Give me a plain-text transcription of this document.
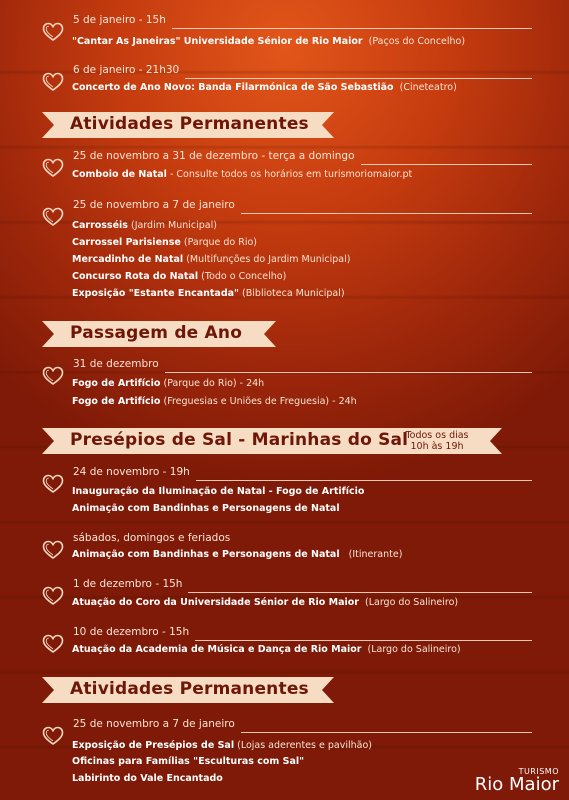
5 de janeiro - 15h
"Cantar As Janeiras" Universidade Sénior de Rio Maior (Paços do Concelho)
6 de janeiro - 21h30
Concerto de Ano Novo: Banda Filarmónica de São Sebastião (Cineteatro)
Atividades Permanentes
25 de novembro a 31 de dezembro - terça a domingo
Comboio de Natal - Consulte todos os horários em turismoriomaior.pt
25 de novembro a 7 de janeiro
Carrosséis (Jardim Municipal)
Carrossel Parisiense (Parque do Rio)
Mercadinho de Natal (Multifunções do Jardim Municipal)
Concurso Rota do Natal (Todo o Concelho)
Exposição "Estante Encantada" (Biblioteca Municipal)
Passagem de Ano
31 de dezembro
Fogo de Artifício (Parque do Rio) - 24h
Fogo de Artifício (Freguesias e Uniões de Freguesia) - 24h
Presépios de Sal - Marinhas do Sal
Todos os dias
10h às 19h
24 de novembro - 19h
Inauguração da Iluminação de Natal - Fogo de Artifício
Animação com Bandinhas e Personagens de Natal
sábados, domingos e feriados
Animação com Bandinhas e Personagens de Natal (Itinerante)
1 de dezembro - 15h
Atuação do Coro da Universidade Sénior de Rio Maior (Largo do Salineiro)
10 de dezembro - 15h
Atuação da Academia de Música e Dança de Rio Maior (Largo do Salineiro)
Atividades Permanentes
25 de novembro a 7 de janeiro
Exposição de Presépios de Sal (Lojas aderentes e pavilhão)
Oficinas para Famílias "Esculturas com Sal"
Labirinto do Vale Encantado
TURISMO
Rio Maior
